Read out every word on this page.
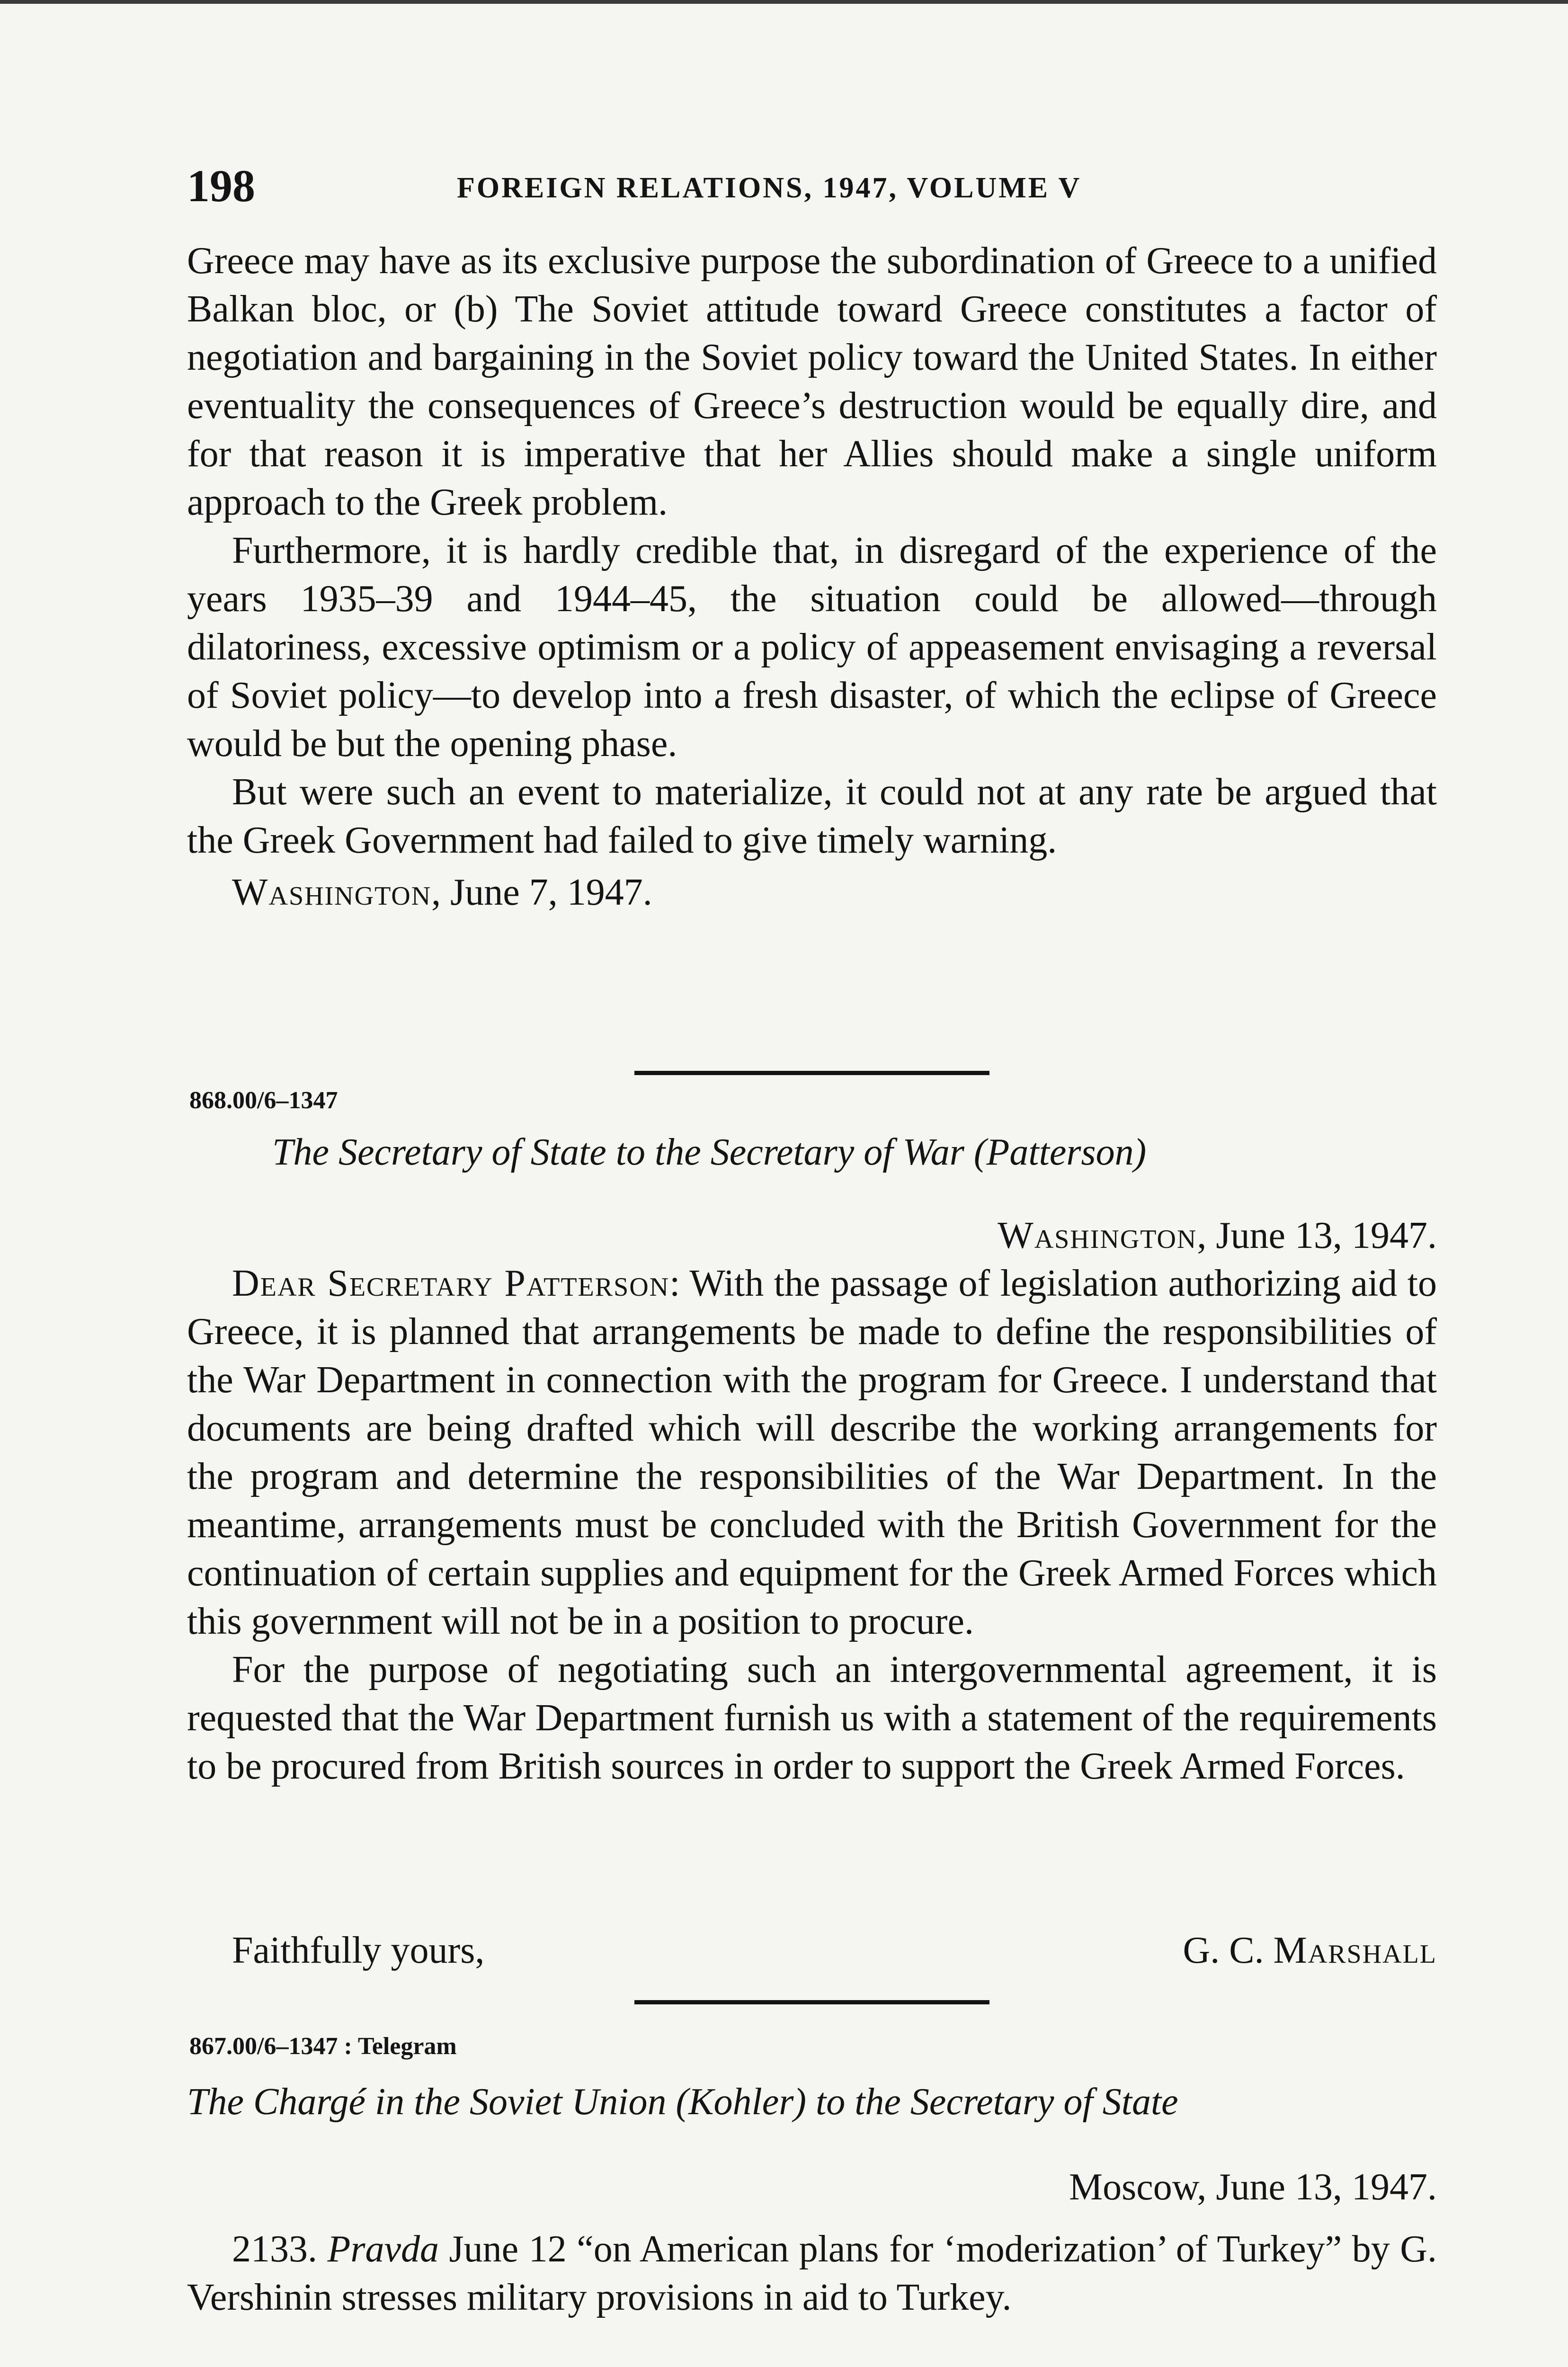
198	FOREIGN RELATIONS, 1947, VOLUME V

Greece may have as its exclusive purpose the subordination of Greece to a unified Balkan bloc, or (b) The Soviet attitude toward Greece constitutes a factor of negotiation and bargaining in the Soviet policy toward the United States. In either eventuality the consequences of Greece’s destruction would be equally dire, and for that reason it is imperative that her Allies should make a single uniform approach to the Greek problem.

Furthermore, it is hardly credible that, in disregard of the experience of the years 1935–39 and 1944–45, the situation could be allowed—through dilatoriness, excessive optimism or a policy of appeasement envisaging a reversal of Soviet policy—to develop into a fresh disaster, of which the eclipse of Greece would be but the opening phase.

But were such an event to materialize, it could not at any rate be argued that the Greek Government had failed to give timely warning.

Washington, June 7, 1947.

868.00/6–1347
The Secretary of State to the Secretary of War (Patterson)
Washington, June 13, 1947.

Dear Secretary Patterson: With the passage of legislation authorizing aid to Greece, it is planned that arrangements be made to define the responsibilities of the War Department in connection with the program for Greece. I understand that documents are being drafted which will describe the working arrangements for the program and determine the responsibilities of the War Department. In the meantime, arrangements must be concluded with the British Government for the continuation of certain supplies and equipment for the Greek Armed Forces which this government will not be in a position to procure.

For the purpose of negotiating such an intergovernmental agreement, it is requested that the War Department furnish us with a statement of the requirements to be procured from British sources in order to support the Greek Armed Forces.

Faithfully yours,	G. C. Marshall
867.00/6–1347 : Telegram
The Chargé in the Soviet Union (Kohler) to the Secretary of State
Moscow, June 13, 1947.

2133. Pravda June 12 “on American plans for ‘moderization’ of Turkey” by G. Vershinin stresses military provisions in aid to Turkey.
